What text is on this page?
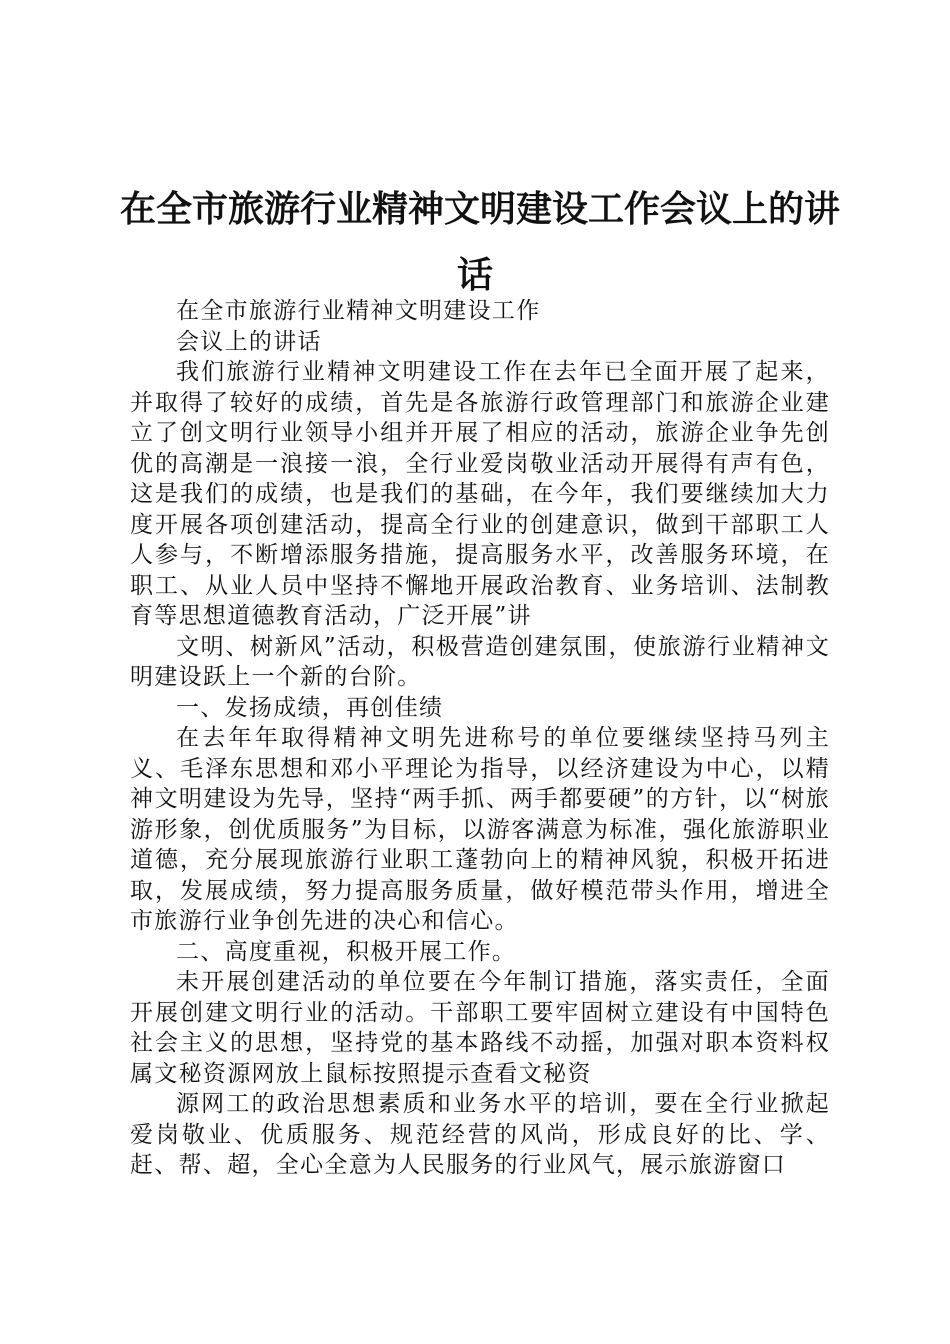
在全市旅游行业精神文明建设工作会议上的讲
话

在全市旅游行业精神文明建设工作

会议上的讲话

我们旅游行业精神文明建设工作在去年已全面开展了起来，并取得了较好的成绩，首先是各旅游行政管理部门和旅游企业建立了创文明行业领导小组并开展了相应的活动，旅游企业争先创优的高潮是一浪接一浪，全行业爱岗敬业活动开展得有声有色，这是我们的成绩，也是我们的基础，在今年，我们要继续加大力度开展各项创建活动，提高全行业的创建意识，做到干部职工人人参与，不断增添服务措施，提高服务水平，改善服务环境，在职工、从业人员中坚持不懈地开展政治教育、业务培训、法制教育等思想道德教育活动，广泛开展”讲

文明、树新风”活动，积极营造创建氛围，使旅游行业精神文明建设跃上一个新的台阶。

一、发扬成绩，再创佳绩

在去年年取得精神文明先进称号的单位要继续坚持马列主义、毛泽东思想和邓小平理论为指导，以经济建设为中心，以精神文明建设为先导，坚持“两手抓、两手都要硬”的方针，以“树旅游形象，创优质服务”为目标，以游客满意为标准，强化旅游职业道德，充分展现旅游行业职工蓬勃向上的精神风貌，积极开拓进取，发展成绩，努力提高服务质量，做好模范带头作用，增进全市旅游行业争创先进的决心和信心。

二、高度重视，积极开展工作。

未开展创建活动的单位要在今年制订措施，落实责任，全面开展创建文明行业的活动。干部职工要牢固树立建设有中国特色社会主义的思想，坚持党的基本路线不动摇，加强对职本资料权属文秘资源网放上鼠标按照提示查看文秘资

源网工的政治思想素质和业务水平的培训，要在全行业掀起爱岗敬业、优质服务、规范经营的风尚，形成良好的比、学、赶、帮、超，全心全意为人民服务的行业风气，展示旅游窗口
